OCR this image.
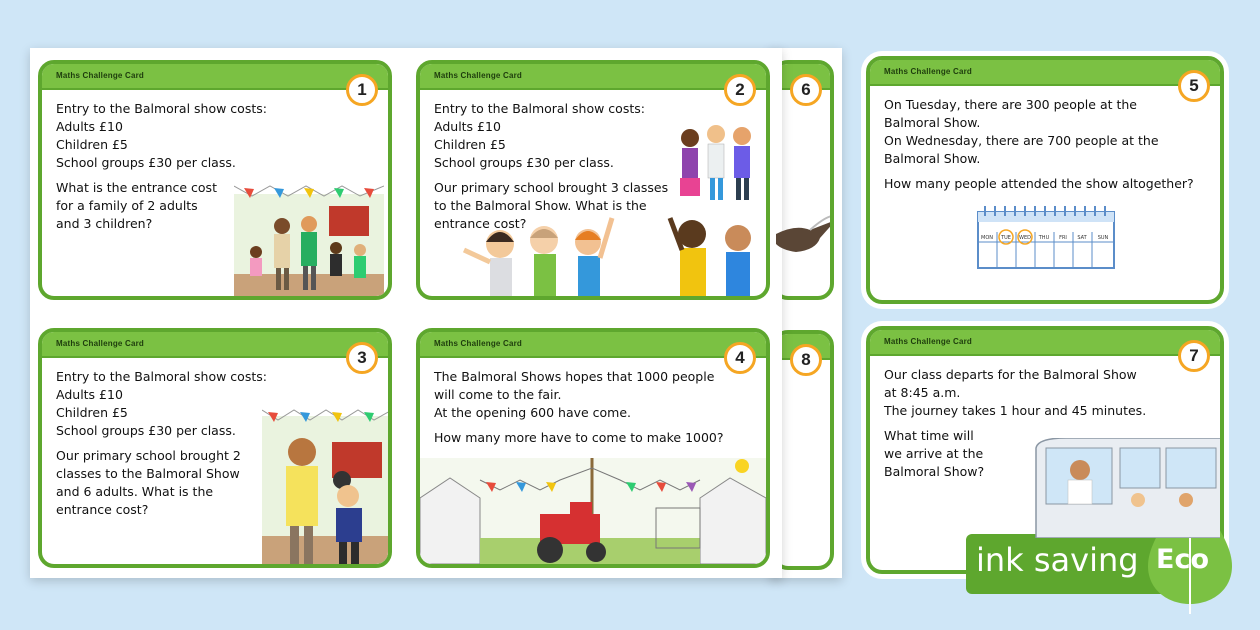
6
8
Maths Challenge Card
1
Entry to the Balmoral show costs:
Adults £10
Children £5
School groups £30 per class.
What is the entrance cost
for a family of 2 adults
and 3 children?
Maths Challenge Card
2
Entry to the Balmoral show costs:
Adults £10
Children £5
School groups £30 per class.
Our primary school brought 3 classes
to the Balmoral Show. What is the
entrance cost?
Maths Challenge Card
3
Entry to the Balmoral show costs:
Adults £10
Children £5
School groups £30 per class.
Our primary school brought 2
classes to the Balmoral Show
and 6 adults. What is the
entrance cost?
Maths Challenge Card
4
The Balmoral Shows hopes that 1000 people
will come to the fair.
At the opening 600 have come.
How many more have to come to make 1000?
Maths Challenge Card
5
On Tuesday, there are 300 people at the
Balmoral Show.
On Wednesday, there are 700 people at the
Balmoral Show.
How many people attended the show altogether?
MON TUE WED THU FRI SAT SUN
Maths Challenge Card
7
Our class departs for the Balmoral Show
at 8:45 a.m.
The journey takes 1 hour and 45 minutes.
What time will
we arrive at the
Balmoral Show?
ink saving Eco
